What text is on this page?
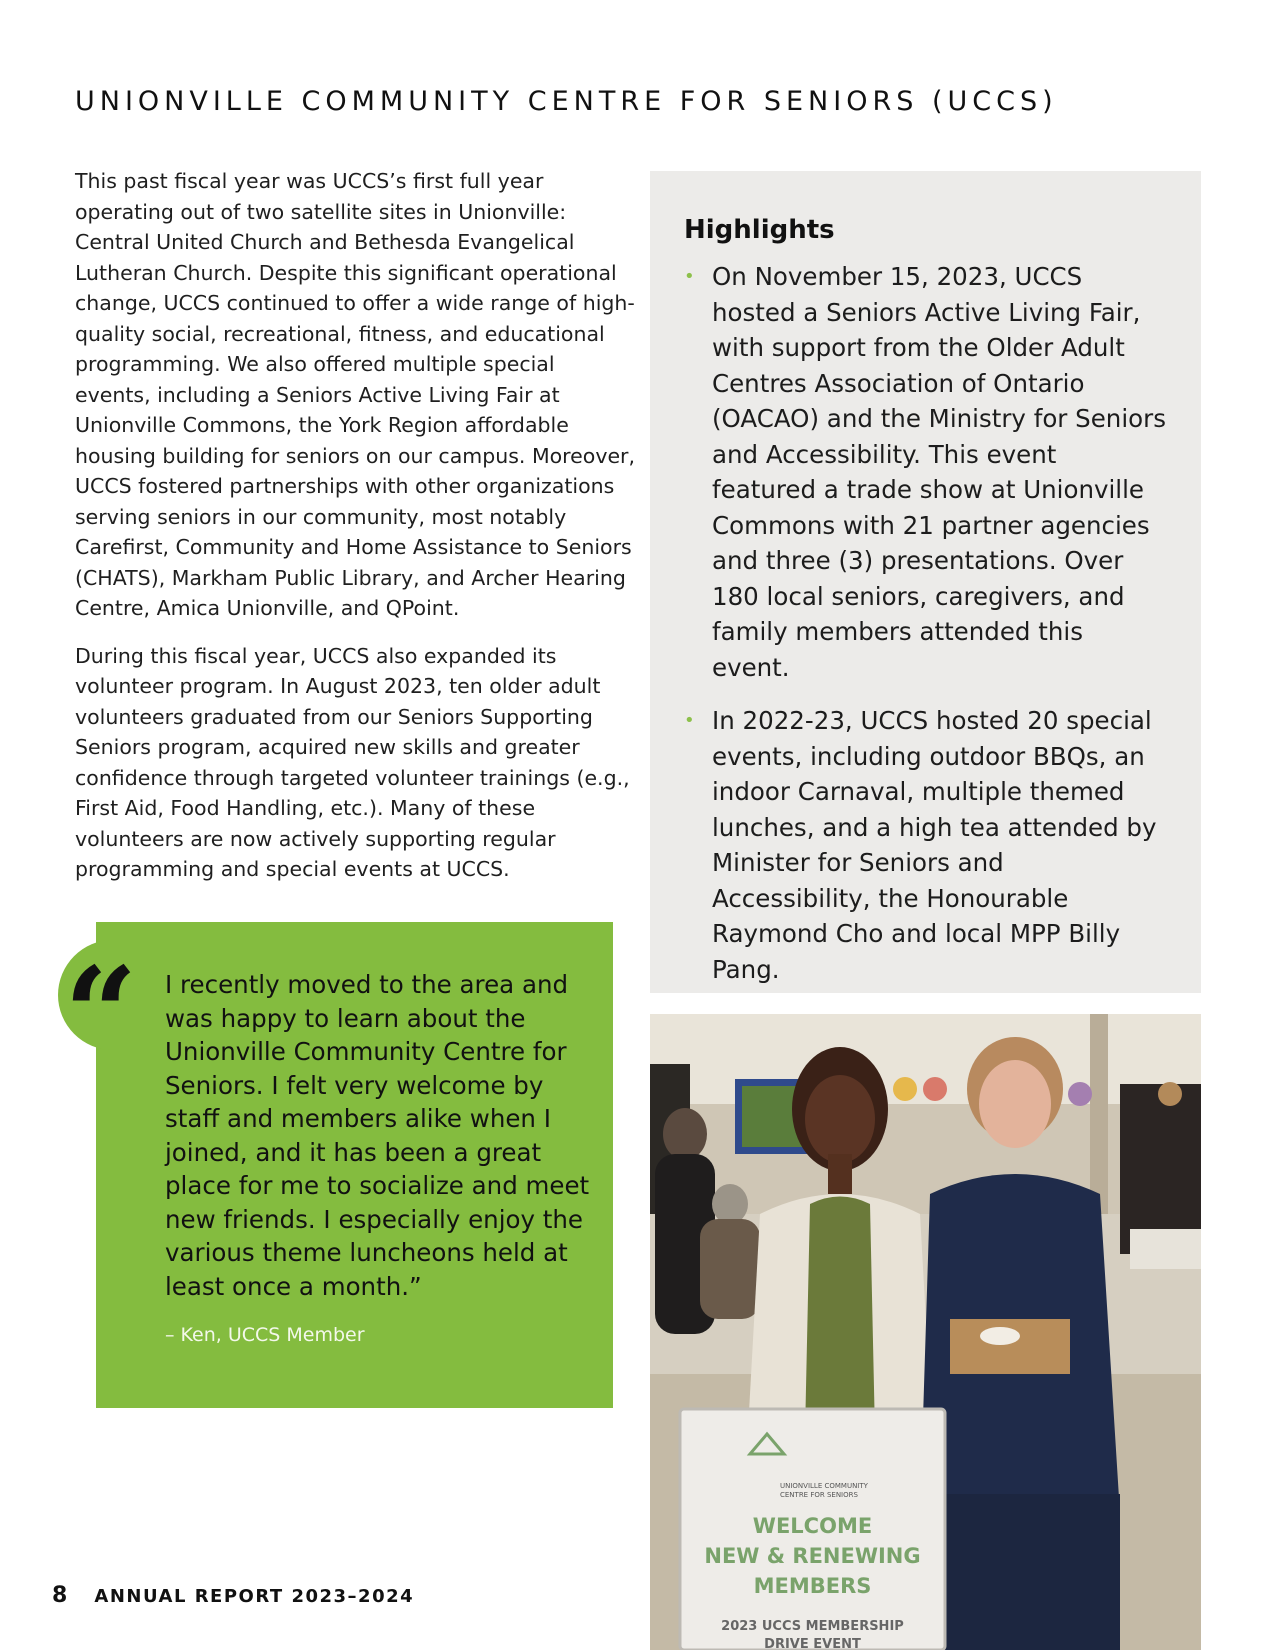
UNIONVILLE COMMUNITY CENTRE FOR SENIORS (UCCS)

This past fiscal year was UCCS’s first full year operating out of two satellite sites in Unionville: Central United Church and Bethesda Evangelical Lutheran Church. Despite this significant operational change, UCCS continued to offer a wide range of high-quality social, recreational, fitness, and educational programming. We also offered multiple special events, including a Seniors Active Living Fair at Unionville Commons, the York Region affordable housing building for seniors on our campus. Moreover, UCCS fostered partnerships with other organizations serving seniors in our community, most notably Carefirst, Community and Home Assistance to Seniors (CHATS), Markham Public Library, and Archer Hearing Centre, Amica Unionville, and QPoint.

During this fiscal year, UCCS also expanded its volunteer program. In August 2023, ten older adult volunteers graduated from our Seniors Supporting Seniors program, acquired new skills and greater confidence through targeted volunteer trainings (e.g., First Aid, Food Handling, etc.). Many of these volunteers are now actively supporting regular programming and special events at UCCS.

Highlights
• On November 15, 2023, UCCS hosted a Seniors Active Living Fair, with support from the Older Adult Centres Association of Ontario (OACAO) and the Ministry for Seniors and Accessibility. This event featured a trade show at Unionville Commons with 21 partner agencies and three (3) presentations. Over 180 local seniors, caregivers, and family members attended this event.
• In 2022-23, UCCS hosted 20 special events, including outdoor BBQs, an indoor Carnaval, multiple themed lunches, and a high tea attended by Minister for Seniors and Accessibility, the Honourable Raymond Cho and local MPP Billy Pang.
“	I recently moved to the area and was happy to learn about the Unionville Community Centre for Seniors. I felt very welcome by staff and members alike when I joined, and it has been a great place for me to socialize and meet new friends. I especially enjoy the various theme luncheons held at least once a month.”
– Ken, UCCS Member
UNIONVILLE COMMUNITY
CENTRE FOR SENIORS
WELCOME
NEW & RENEWING
MEMBERS
2023 UCCS MEMBERSHIP
DRIVE EVENT
8 ANNUAL REPORT 2023–2024
